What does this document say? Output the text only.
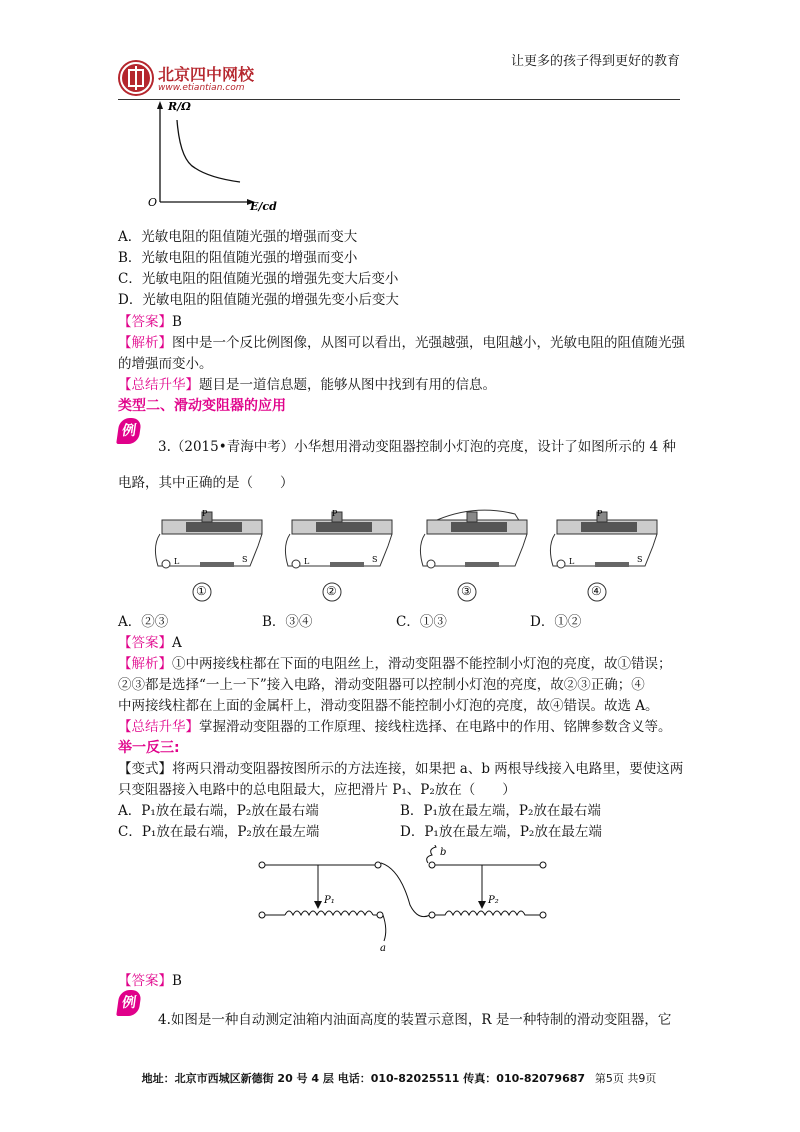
北京四中网校
www.etiantian.com
让更多的孩子得到更好的教育
R/Ω
O	E/cd
A．光敏电阻的阻值随光强的增强而变大
B．光敏电阻的阻值随光强的增强而变小
C．光敏电阻的阻值随光强的增强先变大后变小
D．光敏电阻的阻值随光强的增强先变小后变大
【答案】B
【解析】图中是一个反比例图像，从图可以看出，光强越强，电阻越小，光敏电阻的阻值随光强
的增强而变小。
【总结升华】题目是一道信息题，能够从图中找到有用的信息。
类型二、滑动变阻器的应用
例
3.（2015•青海中考）小华想用滑动变阻器控制小灯泡的亮度，设计了如图所示的 4 种
电路，其中正确的是（　　）
P
L	S
P
L	S
P
L	S
①	②	③	④
A．②③	B．③④	C．①③	D．①②
【答案】A
【解析】①中两接线柱都在下面的电阻丝上，滑动变阻器不能控制小灯泡的亮度，故①错误；
②③都是选择“一上一下”接入电路，滑动变阻器可以控制小灯泡的亮度，故②③正确；④
中两接线柱都在上面的金属杆上，滑动变阻器不能控制小灯泡的亮度，故④错误。故选 A。
【总结升华】掌握滑动变阻器的工作原理、接线柱选择、在电路中的作用、铭牌参数含义等。
举一反三:
【变式】将两只滑动变阻器按图所示的方法连接，如果把 a、b 两根导线接入电路里，要使这两
只变阻器接入电路中的总电阻最大，应把滑片 P₁、P₂放在（　　）
A．P₁放在最右端，P₂放在最右端	B．P₁放在最左端，P₂放在最右端
C．P₁放在最右端，P₂放在最左端	D．P₁放在最左端，P₂放在最左端
P₁	P₂
a
b
【答案】B
例
4.如图是一种自动测定油箱内油面高度的装置示意图，R 是一种特制的滑动变阻器，它
地址：北京市西城区新德街 20 号 4 层 电话：010-82025511 传真：010-82079687 第5页 共9页
